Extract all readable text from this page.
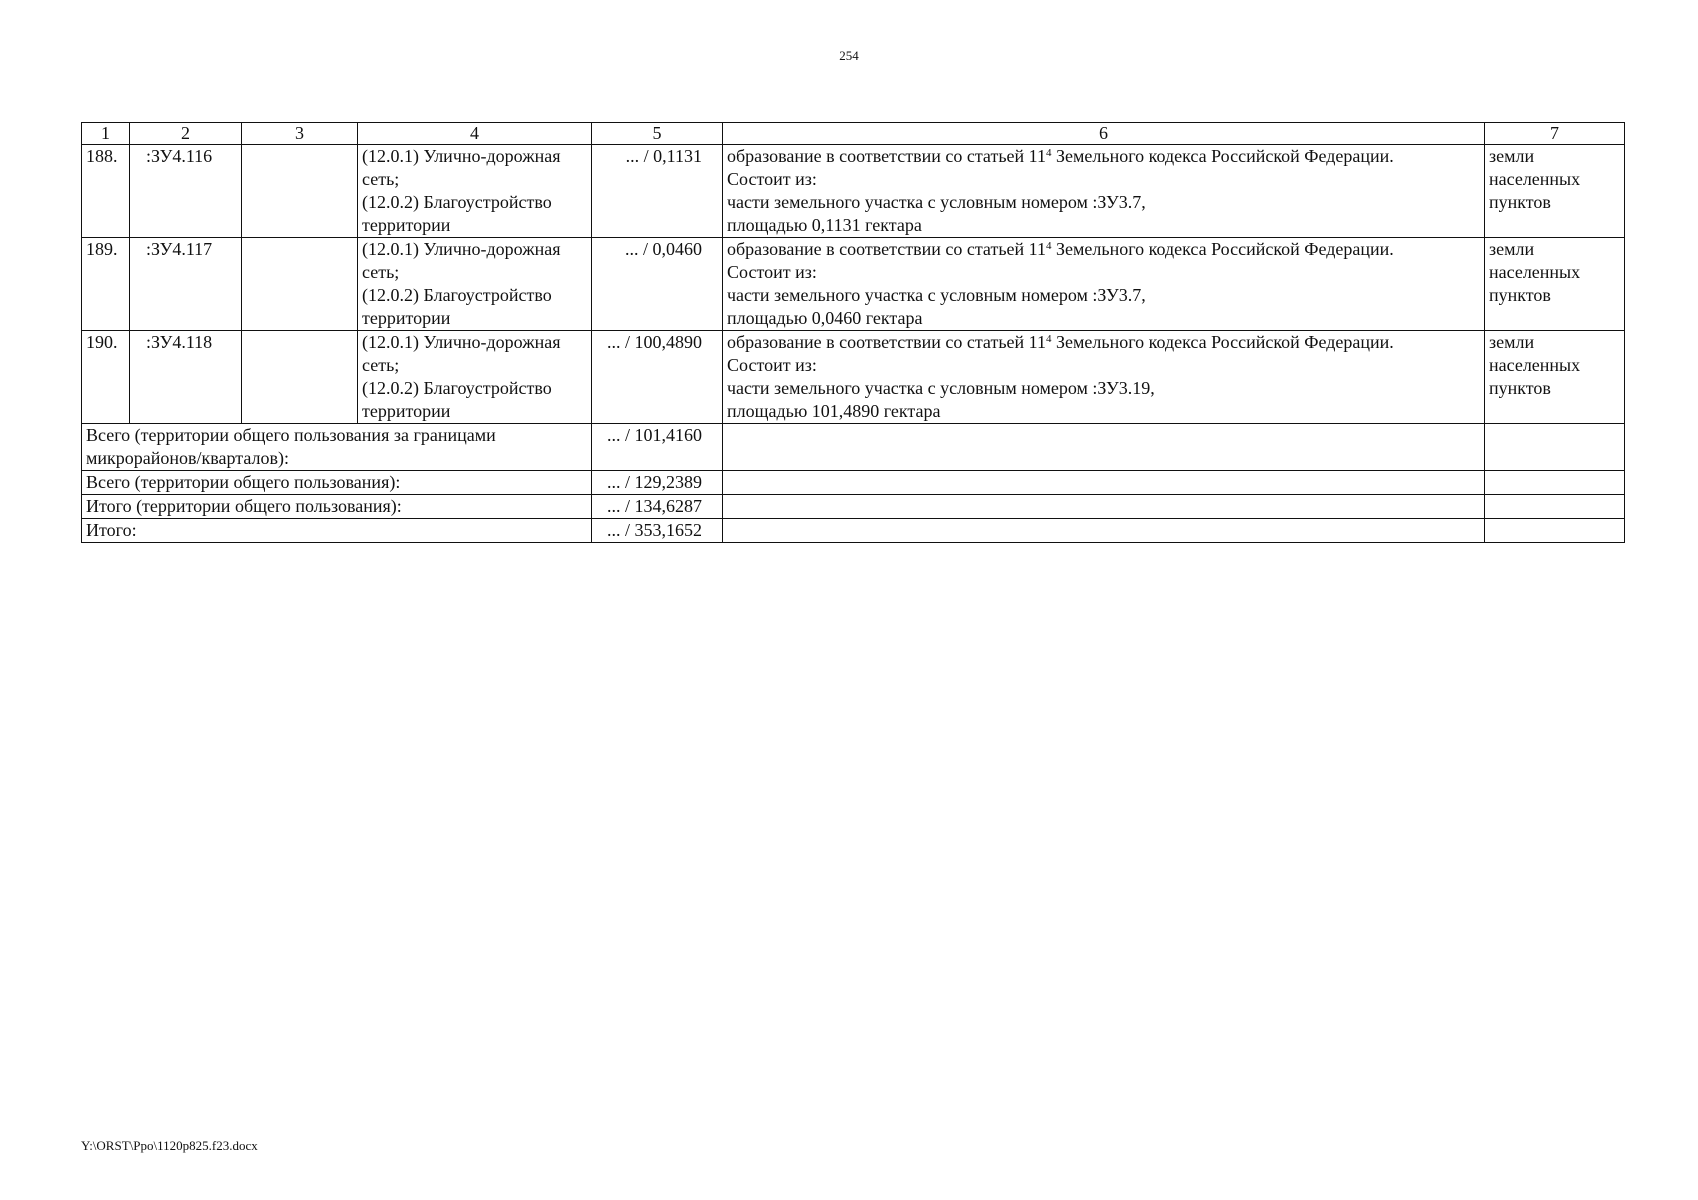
254
1	2	3	4	5	6	7
188.	:ЗУ4.116		(12.0.1) Улично-дорожная
сеть;
(12.0.2) Благоустройство
территории	... / 0,1131	образование в соответствии со статьей $11^4$ Земельного кодекса Российской Федерации.
Состоит из:
части земельного участка с условным номером :ЗУ3.7,
площадью 0,1131 гектара	земли
населенных
пунктов

189.	:ЗУ4.117		(12.0.1) Улично-дорожная
сеть;
(12.0.2) Благоустройство
территории	... / 0,0460	образование в соответствии со статьей $11^4$ Земельного кодекса Российской Федерации.
Состоит из:
части земельного участка с условным номером :ЗУ3.7,
площадью 0,0460 гектара	земли
населенных
пунктов

190.	:ЗУ4.118		(12.0.1) Улично-дорожная
сеть;
(12.0.2) Благоустройство
территории	... / 100,4890	образование в соответствии со статьей $11^4$ Земельного кодекса Российской Федерации.
Состоит из:
части земельного участка с условным номером :ЗУ3.19,
площадью 101,4890 гектара	земли
населенных
пунктов

Всего (территории общего пользования за границами
микрорайонов/кварталов):				... / 101,4160		
Всего (территории общего пользования):				... / 129,2389		
Итого (территории общего пользования):				... / 134,6287		
Итого:				... / 353,1652		
Y:\ORST\Ppo\1120p825.f23.docx
